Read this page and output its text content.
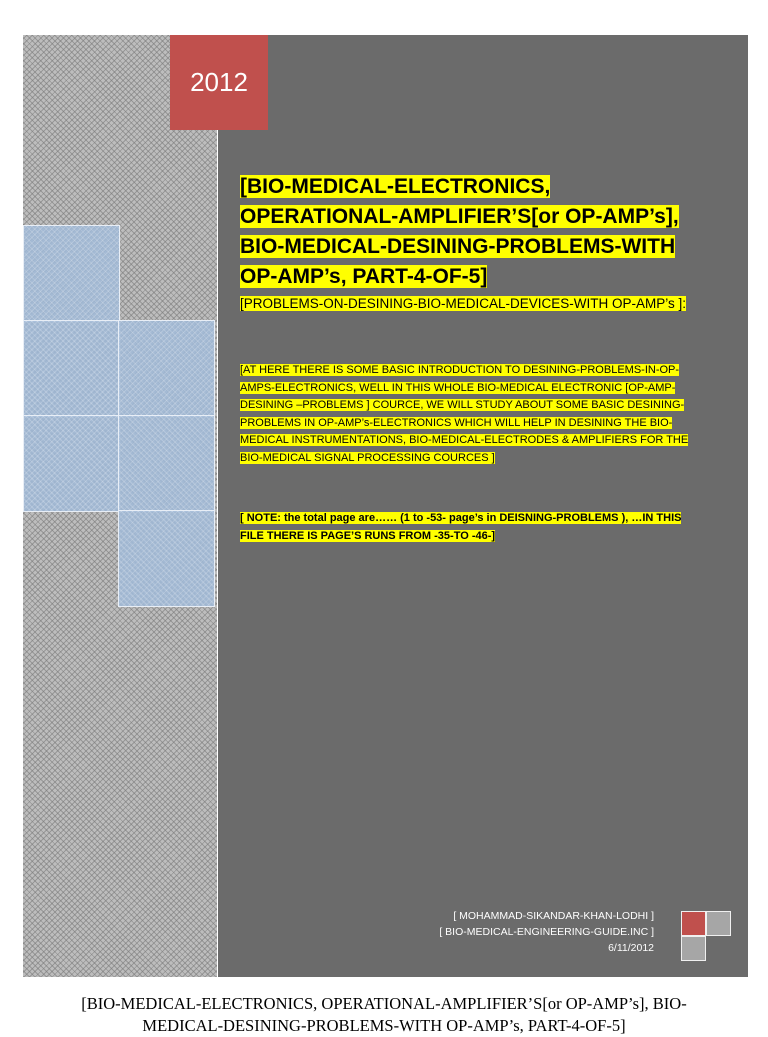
2012
[BIO-MEDICAL-ELECTRONICS, OPERATIONAL-AMPLIFIER’S[or OP-AMP’s], BIO-MEDICAL-DESINING-PROBLEMS-WITH OP-AMP’s, PART-4-OF-5]
[PROBLEMS-ON-DESINING-BIO-MEDICAL-DEVICES-WITH OP-AMP’s ]:
[AT HERE THERE IS SOME BASIC INTRODUCTION TO DESINING-PROBLEMS-IN-OP-AMPS-ELECTRONICS, WELL IN THIS WHOLE BIO-MEDICAL ELECTRONIC [OP-AMP-DESINING –PROBLEMS ] COURCE, WE WILL STUDY ABOUT SOME BASIC DESINING-PROBLEMS IN OP-AMP’s-ELECTRONICS WHICH WILL HELP IN DESINING THE BIO-MEDICAL INSTRUMENTATIONS, BIO-MEDICAL-ELECTRODES & AMPLIFIERS FOR THE BIO-MEDICAL SIGNAL PROCESSING COURCES ]
[ NOTE: the total page are…… (1 to -53- page’s in DEISNING-PROBLEMS ), …IN THIS FILE THERE IS PAGE’S RUNS FROM -35-TO -46-]
[ MOHAMMAD-SIKANDAR-KHAN-LODHI ]
[ BIO-MEDICAL-ENGINEERING-GUIDE.INC ]
6/11/2012
[BIO-MEDICAL-ELECTRONICS, OPERATIONAL-AMPLIFIER’S[or OP-AMP’s], BIO-MEDICAL-DESINING-PROBLEMS-WITH OP-AMP’s, PART-4-OF-5]
